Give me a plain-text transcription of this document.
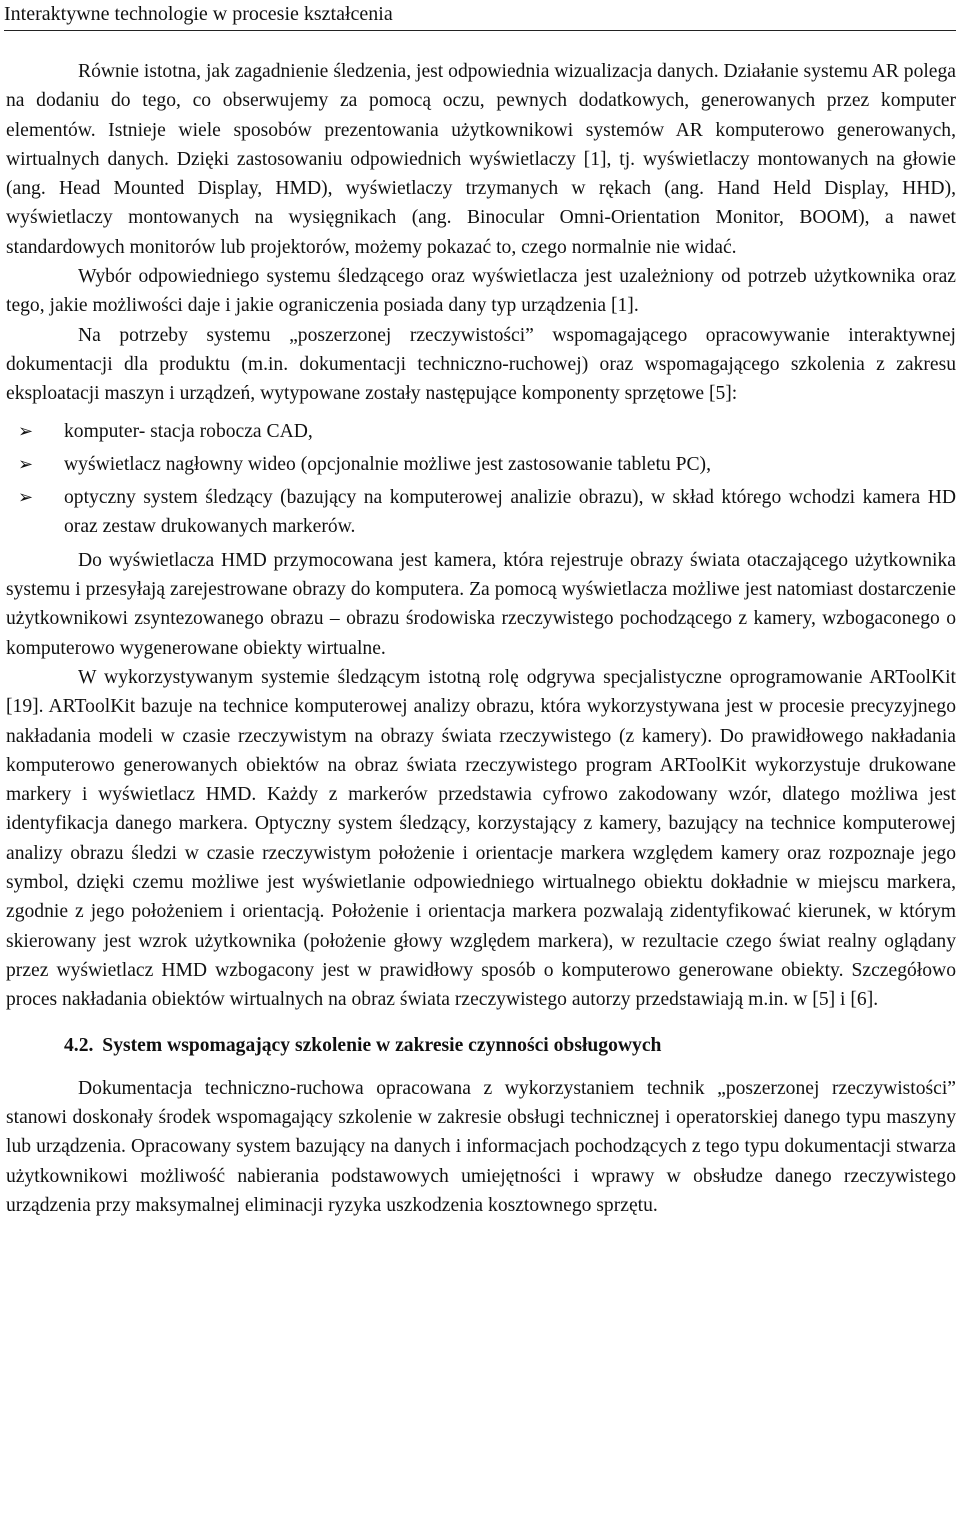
Interaktywne technologie w procesie kształcenia

Równie istotna, jak zagadnienie śledzenia, jest odpowiednia wizualizacja danych. Działanie systemu AR polega na dodaniu do tego, co obserwujemy za pomocą oczu, pewnych dodatkowych, generowanych przez komputer elementów. Istnieje wiele sposobów prezentowania użytkownikowi systemów AR komputerowo generowanych, wirtualnych danych. Dzięki zastosowaniu odpowiednich wyświetlaczy [1], tj. wyświetlaczy montowanych na głowie (ang. Head Mounted Display, HMD), wyświetlaczy trzymanych w rękach (ang. Hand Held Display, HHD), wyświetlaczy montowanych na wysięgnikach (ang. Binocular Omni-Orientation Monitor, BOOM), a nawet standardowych monitorów lub projektorów, możemy pokazać to, czego normalnie nie widać.

Wybór odpowiedniego systemu śledzącego oraz wyświetlacza jest uzależniony od potrzeb użytkownika oraz tego, jakie możliwości daje i jakie ograniczenia posiada dany typ urządzenia [1].

Na potrzeby systemu „poszerzonej rzeczywistości” wspomagającego opracowywanie interaktywnej dokumentacji dla produktu (m.in. dokumentacji techniczno-ruchowej) oraz wspomagającego szkolenia z zakresu eksploatacji maszyn i urządzeń, wytypowane zostały następujące komponenty sprzętowe [5]:

➢ komputer- stacja robocza CAD,
➢ wyświetlacz nagłowny wideo (opcjonalnie możliwe jest zastosowanie tabletu PC),
➢ optyczny system śledzący (bazujący na komputerowej analizie obrazu), w skład którego wchodzi kamera HD oraz zestaw drukowanych markerów.

Do wyświetlacza HMD przymocowana jest kamera, która rejestruje obrazy świata otaczającego użytkownika systemu i przesyłają zarejestrowane obrazy do komputera. Za pomocą wyświetlacza możliwe jest natomiast dostarczenie użytkownikowi zsyntezowanego obrazu – obrazu środowiska rzeczywistego pochodzącego z kamery, wzbogaconego o komputerowo wygenerowane obiekty wirtualne.

W wykorzystywanym systemie śledzącym istotną rolę odgrywa specjalistyczne oprogramowanie ARToolKit [19]. ARToolKit bazuje na technice komputerowej analizy obrazu, która wykorzystywana jest w procesie precyzyjnego nakładania modeli w czasie rzeczywistym na obrazy świata rzeczywistego (z kamery). Do prawidłowego nakładania komputerowo generowanych obiektów na obraz świata rzeczywistego program ARToolKit wykorzystuje drukowane markery i wyświetlacz HMD. Każdy z markerów przedstawia cyfrowo zakodowany wzór, dlatego możliwa jest identyfikacja danego markera. Optyczny system śledzący, korzystający z kamery, bazujący na technice komputerowej analizy obrazu śledzi w czasie rzeczywistym położenie i orientacje markera względem kamery oraz rozpoznaje jego symbol, dzięki czemu możliwe jest wyświetlanie odpowiedniego wirtualnego obiektu dokładnie w miejscu markera, zgodnie z jego położeniem i orientacją. Położenie i orientacja markera pozwalają zidentyfikować kierunek, w którym skierowany jest wzrok użytkownika (położenie głowy względem markera), w rezultacie czego świat realny oglądany przez wyświetlacz HMD wzbogacony jest w prawidłowy sposób o komputerowo generowane obiekty. Szczegółowo proces nakładania obiektów wirtualnych na obraz świata rzeczywistego autorzy przedstawiają m.in. w [5] i [6].

4.2. System wspomagający szkolenie w zakresie czynności obsługowych

Dokumentacja techniczno-ruchowa opracowana z wykorzystaniem technik „poszerzonej rzeczywistości” stanowi doskonały środek wspomagający szkolenie w zakresie obsługi technicznej i operatorskiej danego typu maszyny lub urządzenia. Opracowany system bazujący na danych i informacjach pochodzących z tego typu dokumentacji stwarza użytkownikowi możliwość nabierania podstawowych umiejętności i wprawy w obsłudze danego rzeczywistego urządzenia przy maksymalnej eliminacji ryzyka uszkodzenia kosztownego sprzętu.
